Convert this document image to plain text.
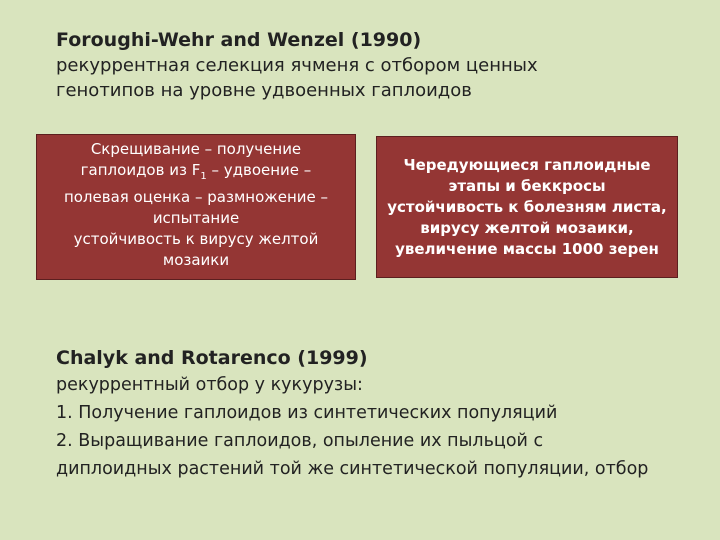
Foroughi-Wehr and Wenzel (1990)
рекуррентная селекция ячменя с отбором ценных
генотипов на уровне удвоенных гаплоидов
Скрещивание – получение
гаплоидов из $F_1$ – удвоение –
полевая оценка – размножение –
испытание
устойчивость к вирусу желтой
мозаики
Чередующиеся гаплоидные
этапы и беккросы
устойчивость к болезням листа,
вирусу желтой мозаики,
увеличение массы 1000 зерен
Chalyk and Rotarenco (1999)
рекуррентный отбор у кукурузы:
1. Получение гаплоидов из синтетических популяций
2. Выращивание гаплоидов, опыление их пыльцой с
диплоидных растений той же синтетической популяции, отбор
